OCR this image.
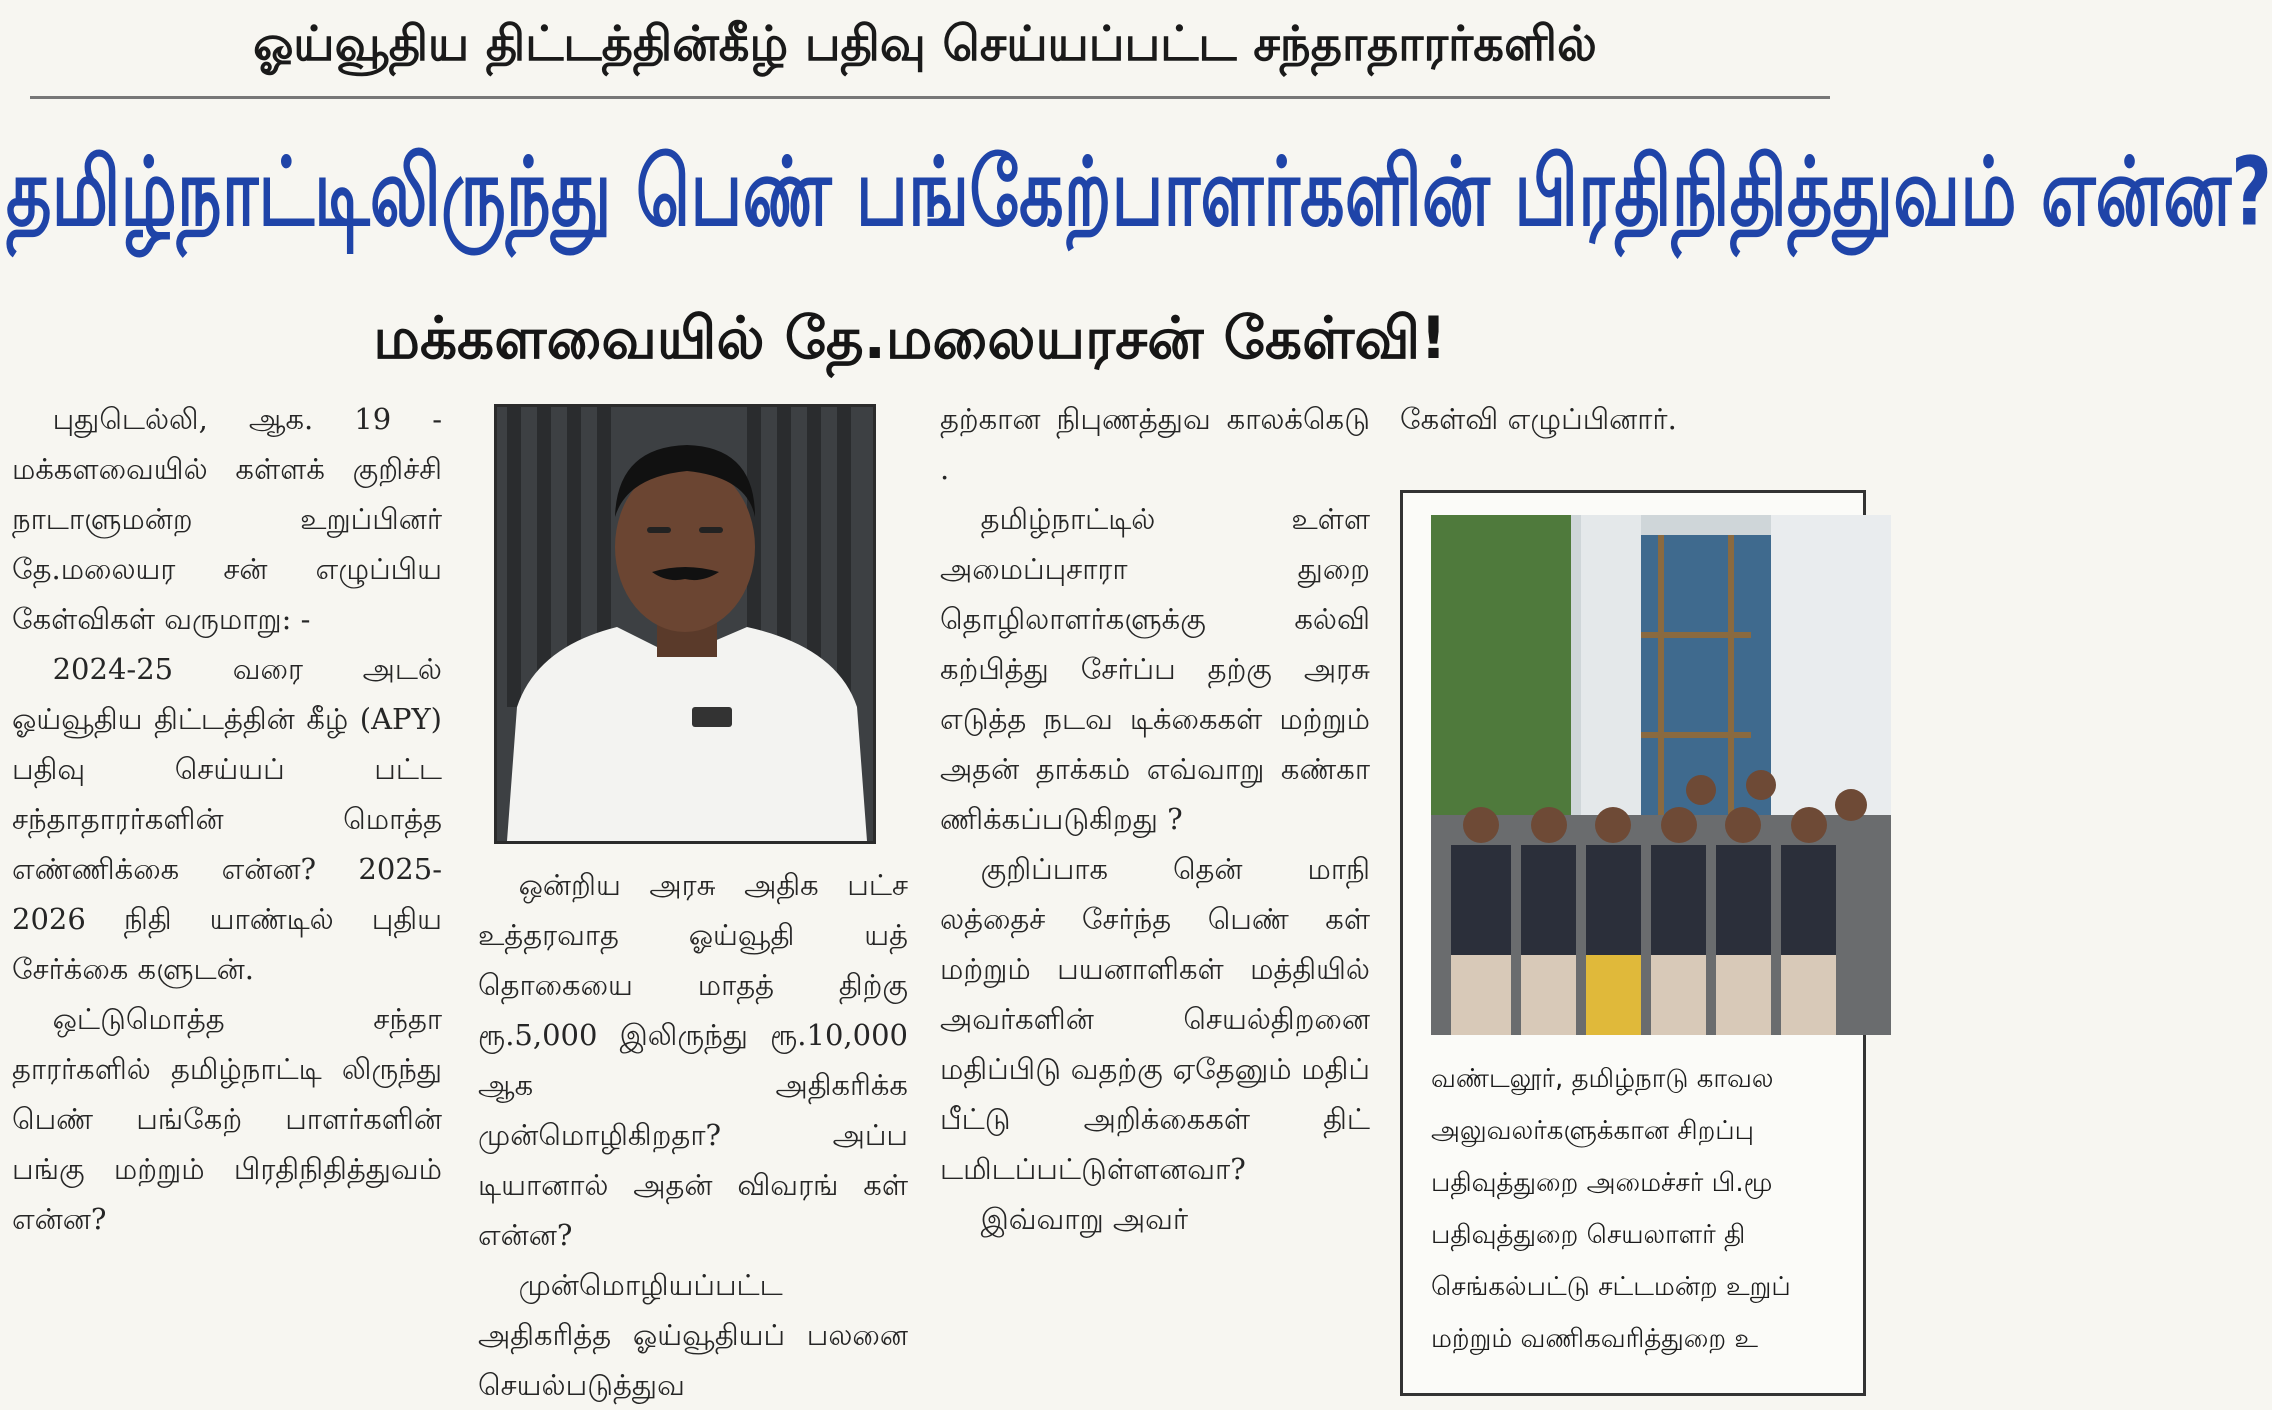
ஓய்வூதிய திட்டத்தின்கீழ் பதிவு செய்யப்பட்ட சந்தாதாரர்களில்
தமிழ்நாட்டிலிருந்து பெண் பங்கேற்பாளர்களின் பிரதிநிதித்துவம் என்ன?
மக்களவையில் தே.மலையரசன் கேள்வி!

புதுடெல்லி, ஆக. 19 - மக்களவையில் கள்ளக் குறிச்சி நாடாளுமன்ற உறுப்பினர் தே.மலையர சன் எழுப்பிய கேள்விகள் வருமாறு: -

2024-25 வரை அடல் ஓய்வூதிய திட்டத்தின் கீழ் (APY) பதிவு செய்யப் பட்ட சந்தாதாரர்களின் மொத்த எண்ணிக்கை என்ன? 2025-2026 நிதி யாண்டில் புதிய சேர்க்கை களுடன்.

ஒட்டுமொத்த சந்தா தாரர்களில் தமிழ்நாட்டி லிருந்து பெண் பங்கேற் பாளர்களின் பங்கு மற்றும் பிரதிநிதித்துவம் என்ன?

ஒன்றிய அரசு அதிக பட்ச உத்தரவாத ஓய்வூதி யத் தொகையை மாதத் திற்கு ரூ.5,000 இலிருந்து ரூ.10,000 ஆக அதிகரிக்க முன்மொழிகிறதா? அப்ப டியானால் அதன் விவரங் கள் என்ன?

முன்மொழியப்பட்ட அதிகரித்த ஓய்வூதியப் பலனை செயல்படுத்துவ

தற்கான நிபுணத்துவ காலக்கெடு .

தமிழ்நாட்டில் உள்ள அமைப்புசாரா துறை தொழிலாளர்களுக்கு கல்வி கற்பித்து சேர்ப்ப தற்கு அரசு எடுத்த நடவ டிக்கைகள் மற்றும் அதன் தாக்கம் எவ்வாறு கண்கா ணிக்கப்படுகிறது ?

குறிப்பாக தென் மாநி லத்தைச் சேர்ந்த பெண் கள் மற்றும் பயனாளிகள் மத்தியில் அவர்களின் செயல்திறனை மதிப்பிடு வதற்கு ஏதேனும் மதிப் பீட்டு அறிக்கைகள் திட் டமிடப்பட்டுள்ளனவா?

இவ்வாறு அவர்

கேள்வி எழுப்பினார்.
வண்டலூர், தமிழ்நாடு காவல
அலுவலர்களுக்கான சிறப்பு
பதிவுத்துறை அமைச்சர் பி.மூ
பதிவுத்துறை செயலாளர் தி
செங்கல்பட்டு சட்டமன்ற உறுப்
மற்றும் வணிகவரித்துறை உ
